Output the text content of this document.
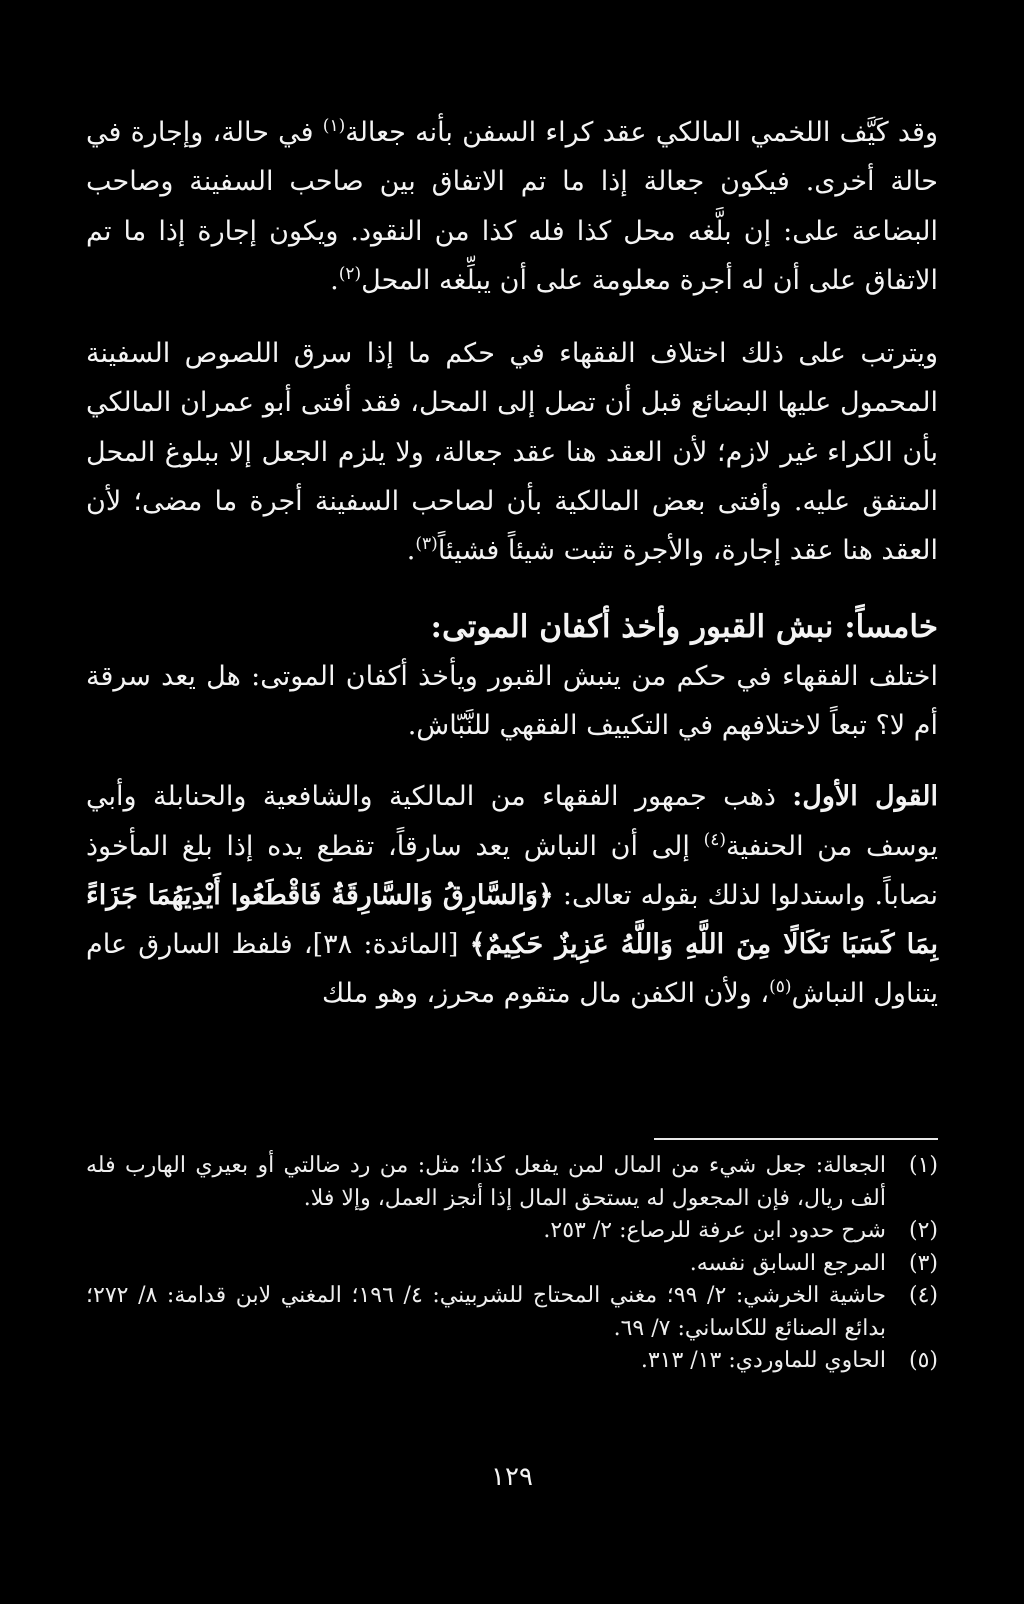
وقد كَيَّف اللخمي المالكي عقد كراء السفن بأنه جعالة$^{(١)}$ في حالة، وإجارة في حالة أخرى. فيكون جعالة إذا ما تم الاتفاق بين صاحب السفينة وصاحب البضاعة على: إن بلَّغه محل كذا فله كذا من النقود. ويكون إجارة إذا ما تم الاتفاق على أن له أجرة معلومة على أن يبلِّغه المحل$^{(٢)}$.

ويترتب على ذلك اختلاف الفقهاء في حكم ما إذا سرق اللصوص السفينة المحمول عليها البضائع قبل أن تصل إلى المحل، فقد أفتى أبو عمران المالكي بأن الكراء غير لازم؛ لأن العقد هنا عقد جعالة، ولا يلزم الجعل إلا ببلوغ المحل المتفق عليه. وأفتى بعض المالكية بأن لصاحب السفينة أجرة ما مضى؛ لأن العقد هنا عقد إجارة، والأجرة تثبت شيئاً فشيئاً$^{(٣)}$.

خامساً: نبش القبور وأخذ أكفان الموتى:

اختلف الفقهاء في حكم من ينبش القبور ويأخذ أكفان الموتى: هل يعد سرقة أم لا؟ تبعاً لاختلافهم في التكييف الفقهي للنَّبّاش.

القول الأول: ذهب جمهور الفقهاء من المالكية والشافعية والحنابلة وأبي يوسف من الحنفية$^{(٤)}$ إلى أن النباش يعد سارقاً، تقطع يده إذا بلغ المأخوذ نصاباً. واستدلوا لذلك بقوله تعالى: ﴿وَالسَّارِقُ وَالسَّارِقَةُ فَاقْطَعُوا أَيْدِيَهُمَا جَزَاءً بِمَا كَسَبَا نَكَالًا مِنَ اللَّهِ وَاللَّهُ عَزِيزٌ حَكِيمٌ﴾ [المائدة: ٣٨]، فلفظ السارق عام يتناول النباش$^{(٥)}$، ولأن الكفن مال متقوم محرز، وهو ملك

(١)
الجعالة: جعل شيء من المال لمن يفعل كذا؛ مثل: من رد ضالتي أو بعيري الهارب فله ألف ريال، فإن المجعول له يستحق المال إذا أنجز العمل، وإلا فلا.
(٢)
شرح حدود ابن عرفة للرصاع: ٢/ ٢٥٣.
(٣)
المرجع السابق نفسه.
(٤)
حاشية الخرشي: ٢/ ٩٩؛ مغني المحتاج للشربيني: ٤/ ١٩٦؛ المغني لابن قدامة: ٨/ ٢٧٢؛ بدائع الصنائع للكاساني: ٧/ ٦٩.
(٥)
الحاوي للماوردي: ١٣/ ٣١٣.
١٢٩
